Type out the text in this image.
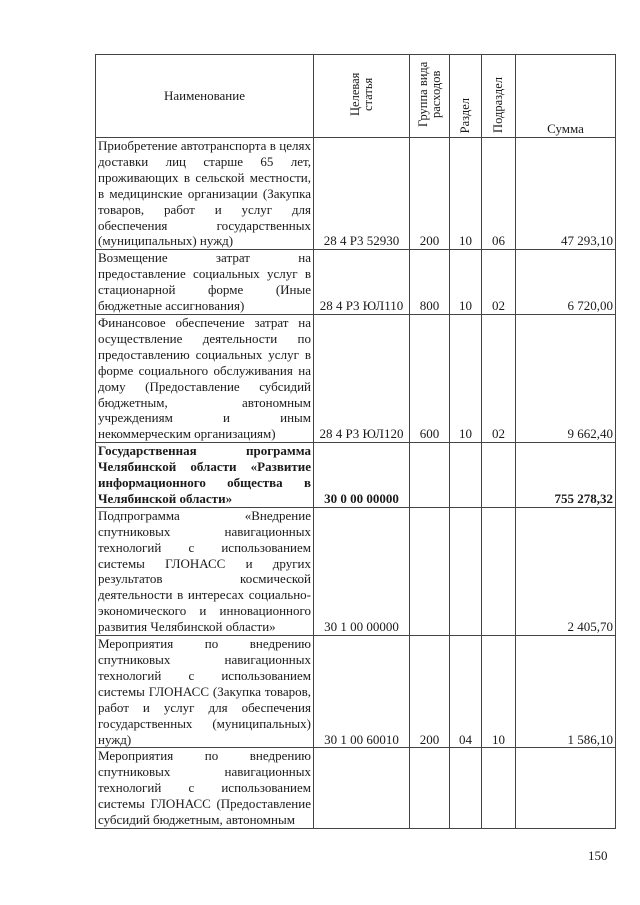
Наименование	Целевая статья	Группа вида расходов	Раздел	Подраздел	Сумма
Приобретение автотранспорта в целях доставки лиц старше 65 лет, проживающих в сельской местности, в медицинские организации (Закупка товаров, работ и услуг для обеспечения государственных (муниципальных) нужд)	28 4 Р3 52930	200	10	06	47 293,10
Возмещение затрат на предоставление социальных услуг в стационарной форме (Иные бюджетные ассигнования)	28 4 Р3 ЮЛ110	800	10	02	6 720,00
Финансовое обеспечение затрат на осуществление деятельности по предоставлению социальных услуг в форме социального обслуживания на дому (Предоставление субсидий бюджетным, автономным учреждениям и иным некоммерческим организациям)	28 4 Р3 ЮЛ120	600	10	02	9 662,40
Государственная программа Челябинской области «Развитие информационного общества в Челябинской области»	30 0 00 00000				755 278,32
Подпрограмма «Внедрение спутниковых навигационных технологий с использованием системы ГЛОНАСС и других результатов космической деятельности в интересах социально-экономического и инновационного развития Челябинской области»	30 1 00 00000				2 405,70
Мероприятия по внедрению спутниковых навигационных технологий с использованием системы ГЛОНАСС (Закупка товаров, работ и услуг для обеспечения государственных (муниципальных) нужд)	30 1 00 60010	200	04	10	1 586,10
Мероприятия по внедрению спутниковых навигационных технологий с использованием системы ГЛОНАСС (Предоставление субсидий бюджетным, автономным					
150
